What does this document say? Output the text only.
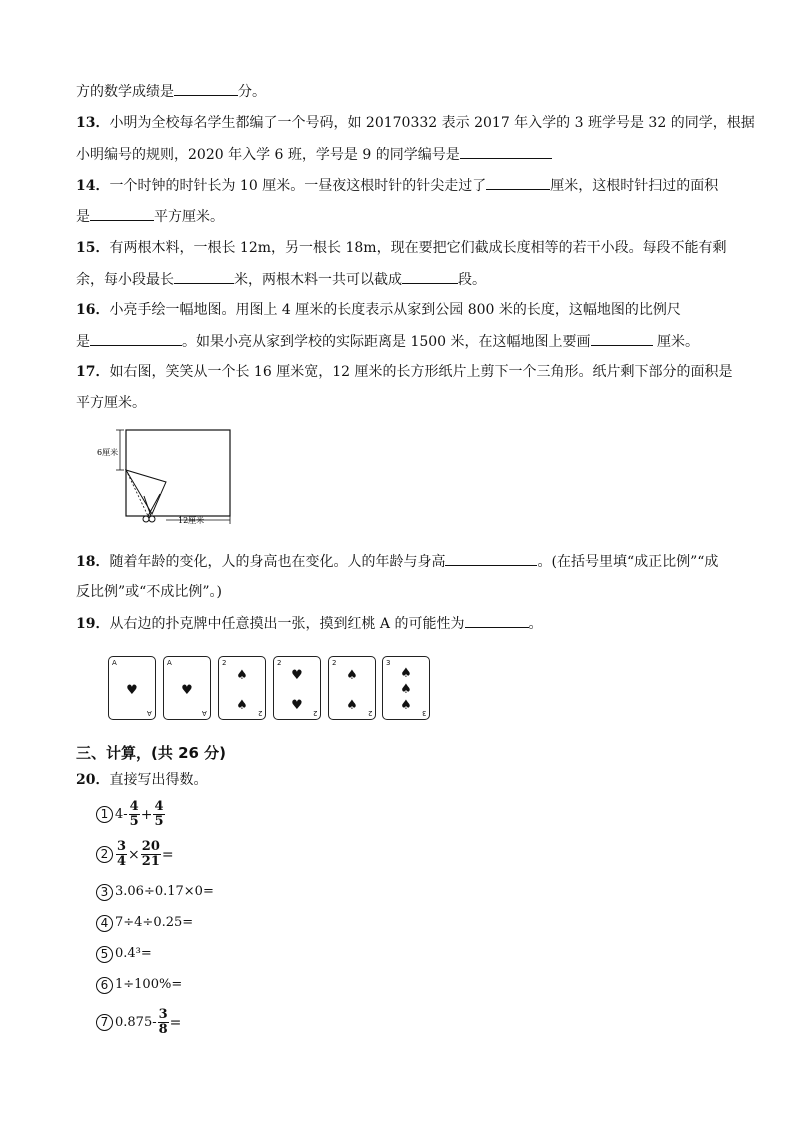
方的数学成绩是	分。
13．小明为全校每名学生都编了一个号码，如 20170332 表示 2017 年入学的 3 班学号是 32 的同学，根据
小明编号的规则，2020 年入学 6 班，学号是 9 的同学编号是
14．一个时钟的时针长为 10 厘米。一昼夜这根时针的针尖走过了	厘米，这根时针扫过的面积
是	平方厘米。
15．有两根木料，一根长 12m，另一根长 18m，现在要把它们截成长度相等的若干小段。每段不能有剩
余，每小段最长	米，两根木料一共可以截成	段。
16．小亮手绘一幅地图。用图上 4 厘米的长度表示从家到公园 800 米的长度，这幅地图的比例尺
是	。如果小亮从家到学校的实际距离是 1500 米，在这幅地图上要画	厘米。
17．如右图，笑笑从一个长 16 厘米宽，12 厘米的长方形纸片上剪下一个三角形。纸片剩下部分的面积是
平方厘米。
6厘米
12厘米
18．随着年龄的变化，人的身高也在变化。人的年龄与身高	。(在括号里填“成正比例”“成
反比例”或“不成比例”。)
19．从右边的扑克牌中任意摸出一张，摸到红桃 A 的可能性为	。
A
A
♥
A
A
♥
2
2
♠
♠
2
2
♥
♥
2
2
♠
♠
3
3
♠
♠
♠
三、计算，(共 26 分)
20．直接写出得数。
1 $4- \frac{4}{5} + \frac{4}{5}$
$2 \frac{3}{4} \times \frac{20}{21}$ =
3 3.06÷0.17×0=
4 7÷4÷0.25=
5 0.4³=
6 1÷100%=
7 $0.875- \frac{3}{8}$ =
